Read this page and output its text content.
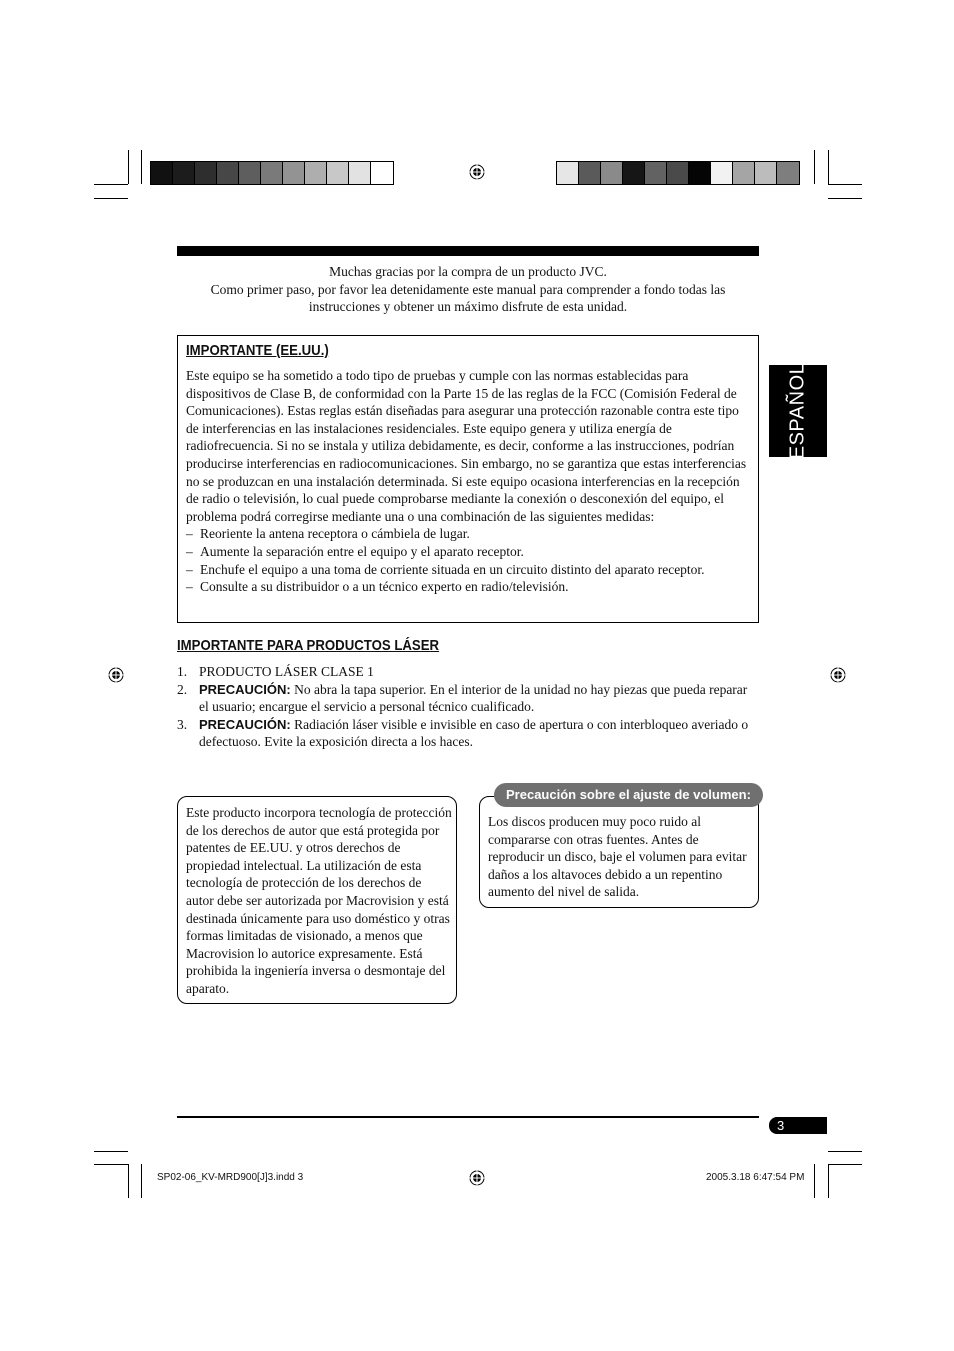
Muchas gracias por la compra de un producto JVC.
Como primer paso, por favor lea detenidamente este manual para comprender a fondo todas las
instrucciones y obtener un máximo disfrute de esta unidad.
IMPORTANTE (EE.UU.)

Este equipo se ha sometido a todo tipo de pruebas y cumple con las normas establecidas para dispositivos de Clase B, de conformidad con la Parte 15 de las reglas de la FCC (Comisión Federal de Comunicaciones). Estas reglas están diseñadas para asegurar una protección razonable contra este tipo de interferencias en las instalaciones residenciales. Este equipo genera y utiliza energía de radiofrecuencia. Si no se instala y utiliza debidamente, es decir, conforme a las instrucciones, podrían producirse interferencias en radiocomunicaciones. Sin embargo, no se garantiza que estas interferencias no se produzcan en una instalación determinada. Si este equipo ocasiona interferencias en la recepción de radio o televisión, lo cual puede comprobarse mediante la conexión o desconexión del equipo, el problema podrá corregirse mediante una o una combinación de las siguientes medidas:

– Reoriente la antena receptora o cámbiela de lugar.
– Aumente la separación entre el equipo y el aparato receptor.
– Enchufe el equipo a una toma de corriente situada en un circuito distinto del aparato receptor.
– Consulte a su distribuidor o a un técnico experto en radio/televisión.
ESPAÑOL
IMPORTANTE PARA PRODUCTOS LÁSER
1. PRODUCTO LÁSER CLASE 1
2. PRECAUCIÓN: No abra la tapa superior. En el interior de la unidad no hay piezas que pueda reparar el usuario; encargue el servicio a personal técnico cualificado.
3. PRECAUCIÓN: Radiación láser visible e invisible en caso de apertura o con interbloqueo averiado o defectuoso. Evite la exposición directa a los haces.
Este producto incorpora tecnología de protección de los derechos de autor que está protegida por patentes de EE.UU. y otros derechos de propiedad intelectual. La utilización de esta tecnología de protección de los derechos de autor debe ser autorizada por Macrovision y está destinada únicamente para uso doméstico y otras formas limitadas de visionado, a menos que Macrovision lo autorice expresamente. Está prohibida la ingeniería inversa o desmontaje del aparato.
Precaución sobre el ajuste de volumen:
Los discos producen muy poco ruido al compararse con otras fuentes. Antes de reproducir un disco, baje el volumen para evitar daños a los altavoces debido a un repentino aumento del nivel de salida.
3
SP02-06_KV-MRD900[J]3.indd 3	2005.3.18 6:47:54 PM
